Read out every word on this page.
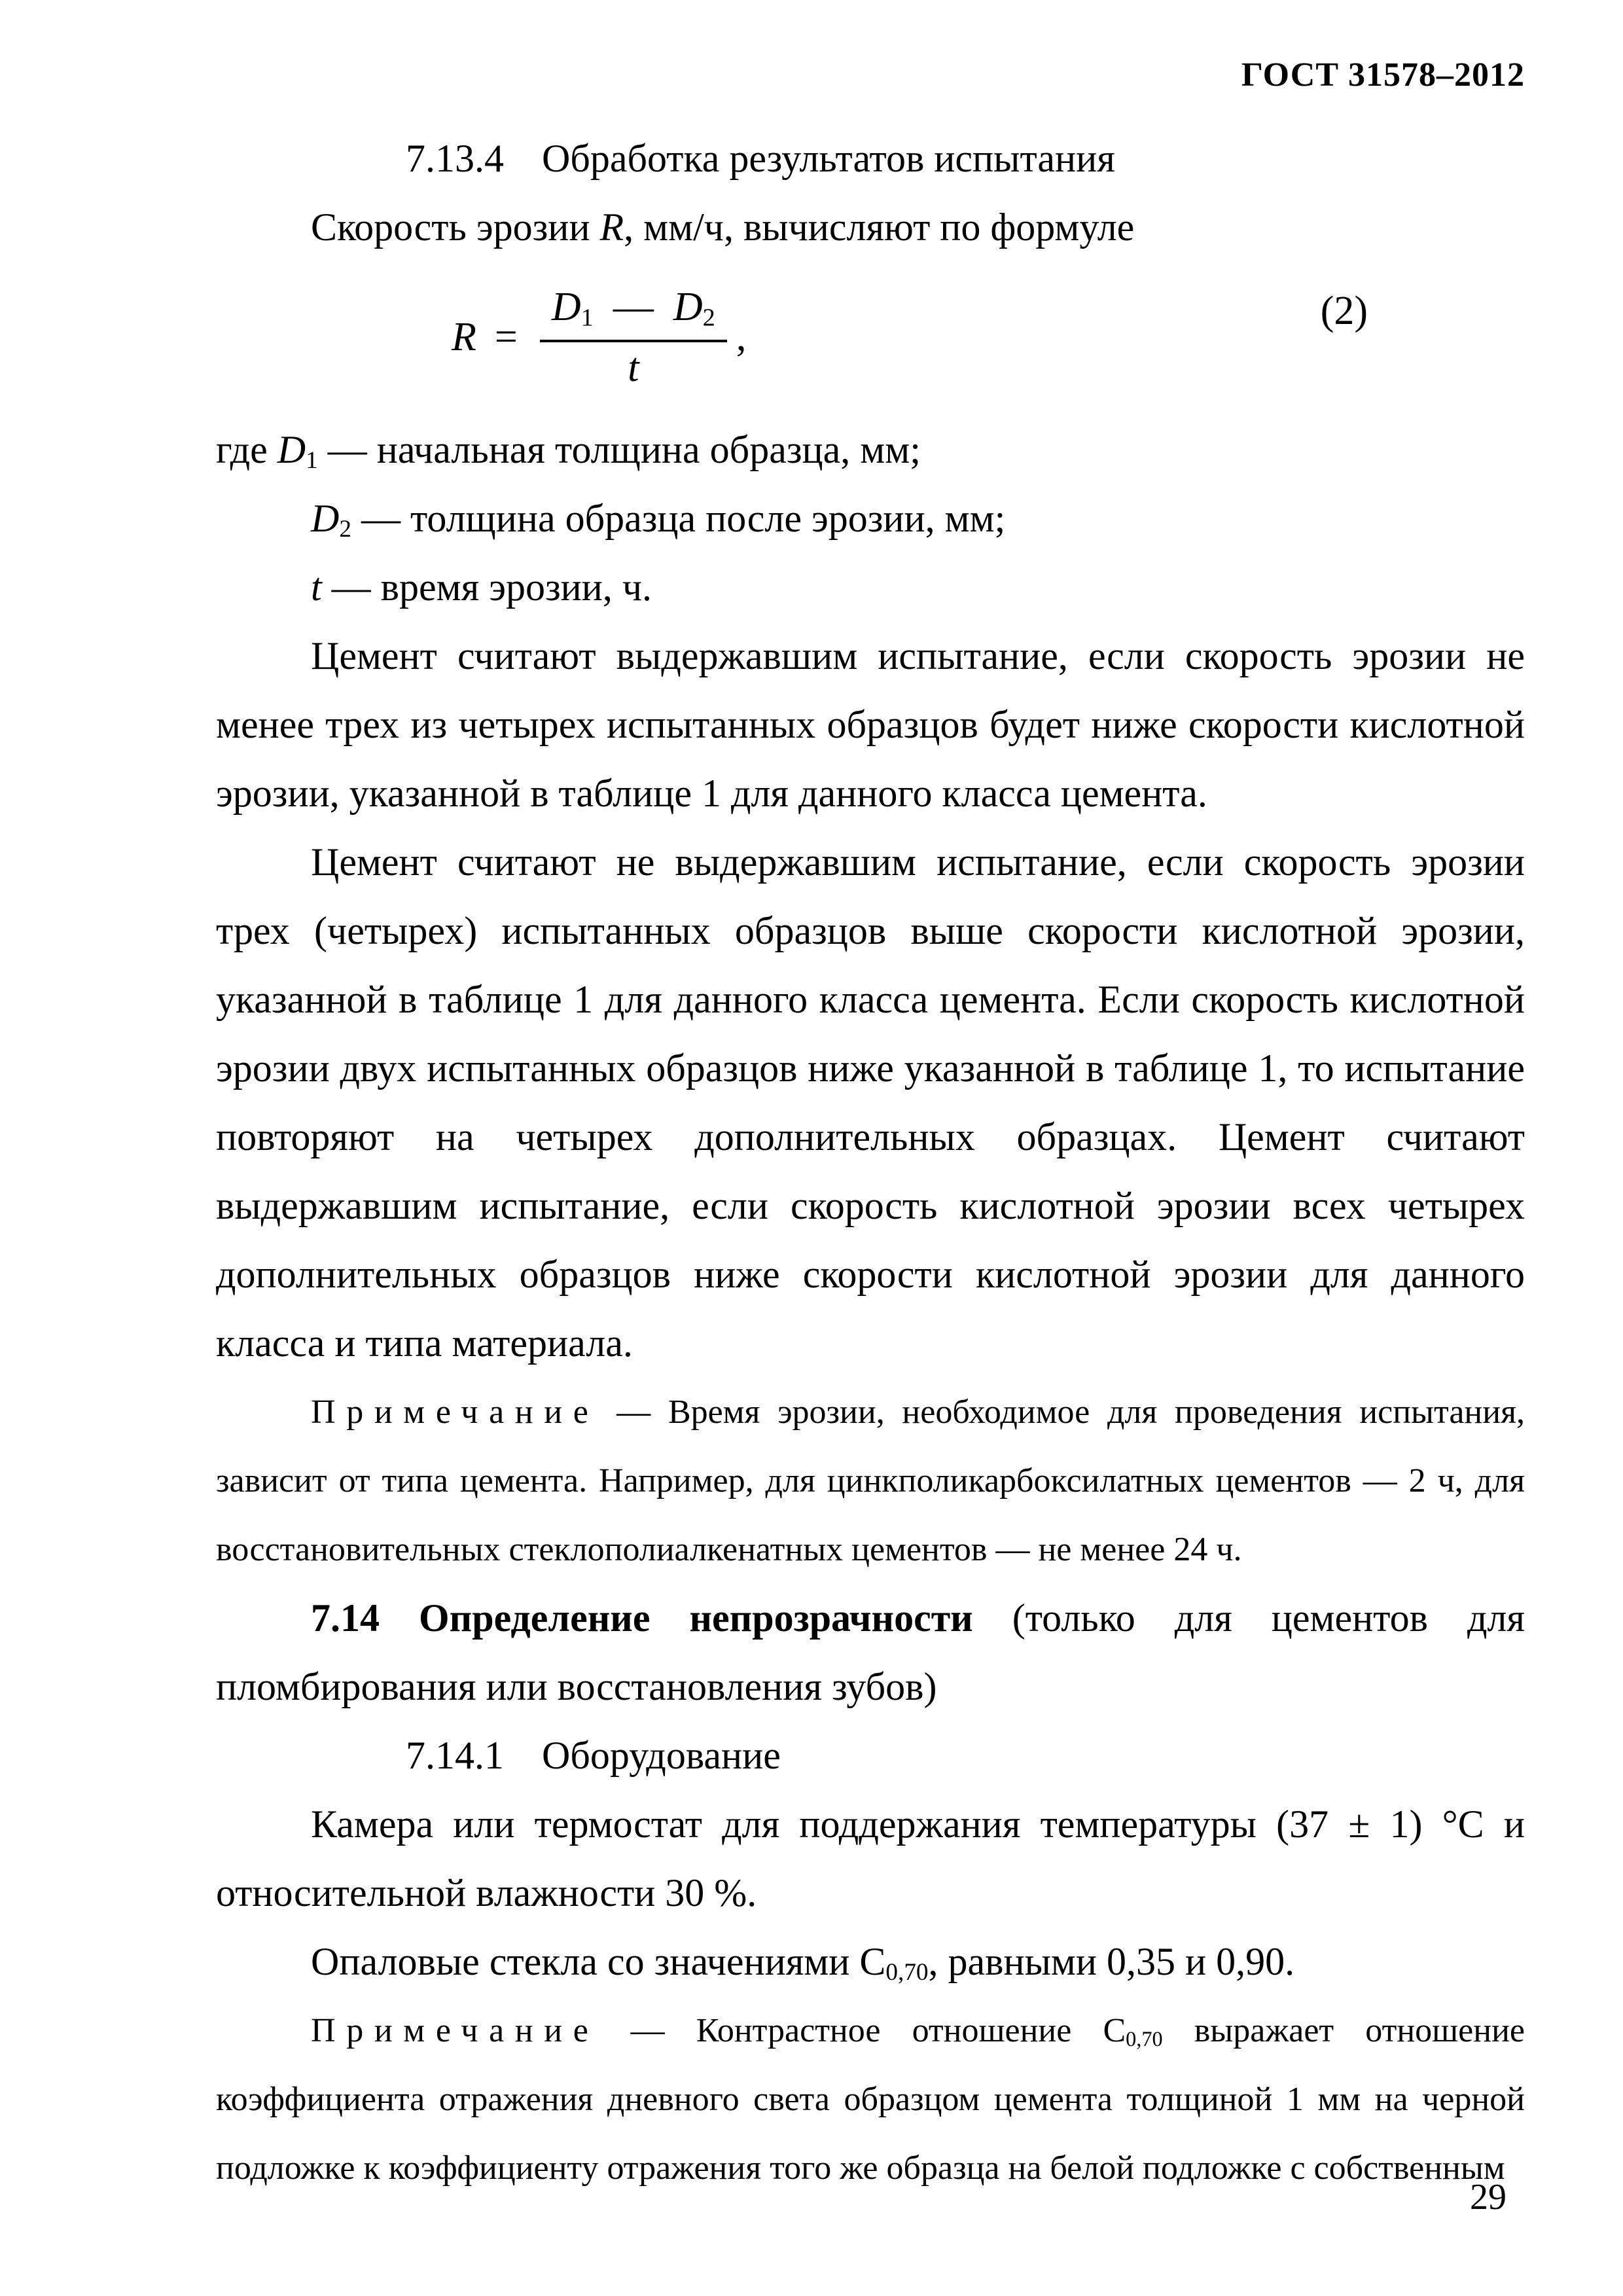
ГОСТ 31578–2012

7.13.4 Обработка результатов испытания

Скорость эрозии R, мм/ч, вычисляют по формуле

$R = \frac{D_1 — D_2}{t}$ ,
(2)

где $D_1$ — начальная толщина образца, мм;

$D_2$ — толщина образца после эрозии, мм;

t — время эрозии, ч.

Цемент считают выдержавшим испытание, если скорость эрозии не менее трех из четырех испытанных образцов будет ниже скорости кислотной эрозии, указанной в таблице 1 для данного класса цемента.

Цемент считают не выдержавшим испытание, если скорость эрозии трех (четырех) испытанных образцов выше скорости кислотной эрозии, указанной в таблице 1 для данного класса цемента. Если скорость кислотной эрозии двух испытанных образцов ниже указанной в таблице 1, то испытание повторяют на четырех дополнительных образцах. Цемент считают выдержавшим испытание, если скорость кислотной эрозии всех четырех дополнительных образцов ниже скорости кислотной эрозии для данного класса и типа материала.

Примечание — Время эрозии, необходимое для проведения испытания, зависит от типа цемента. Например, для цинкполикарбоксилатных цементов — 2 ч, для восстановительных стеклополиалкенатных цементов — не менее 24 ч.

7.14 Определение непрозрачности (только для цементов для пломбирования или восстановления зубов)

7.14.1 Оборудование

Камера или термостат для поддержания температуры (37 ± 1) °С и относительной влажности 30 %.

Опаловые стекла со значениями $С_{0,70}$, равными 0,35 и 0,90.

Примечание — Контрастное отношение $С_{0,70}$ выражает отношение коэффициента отражения дневного света образцом цемента толщиной 1 мм на черной подложке к коэффициенту отражения того же образца на белой подложке с собственным

29
